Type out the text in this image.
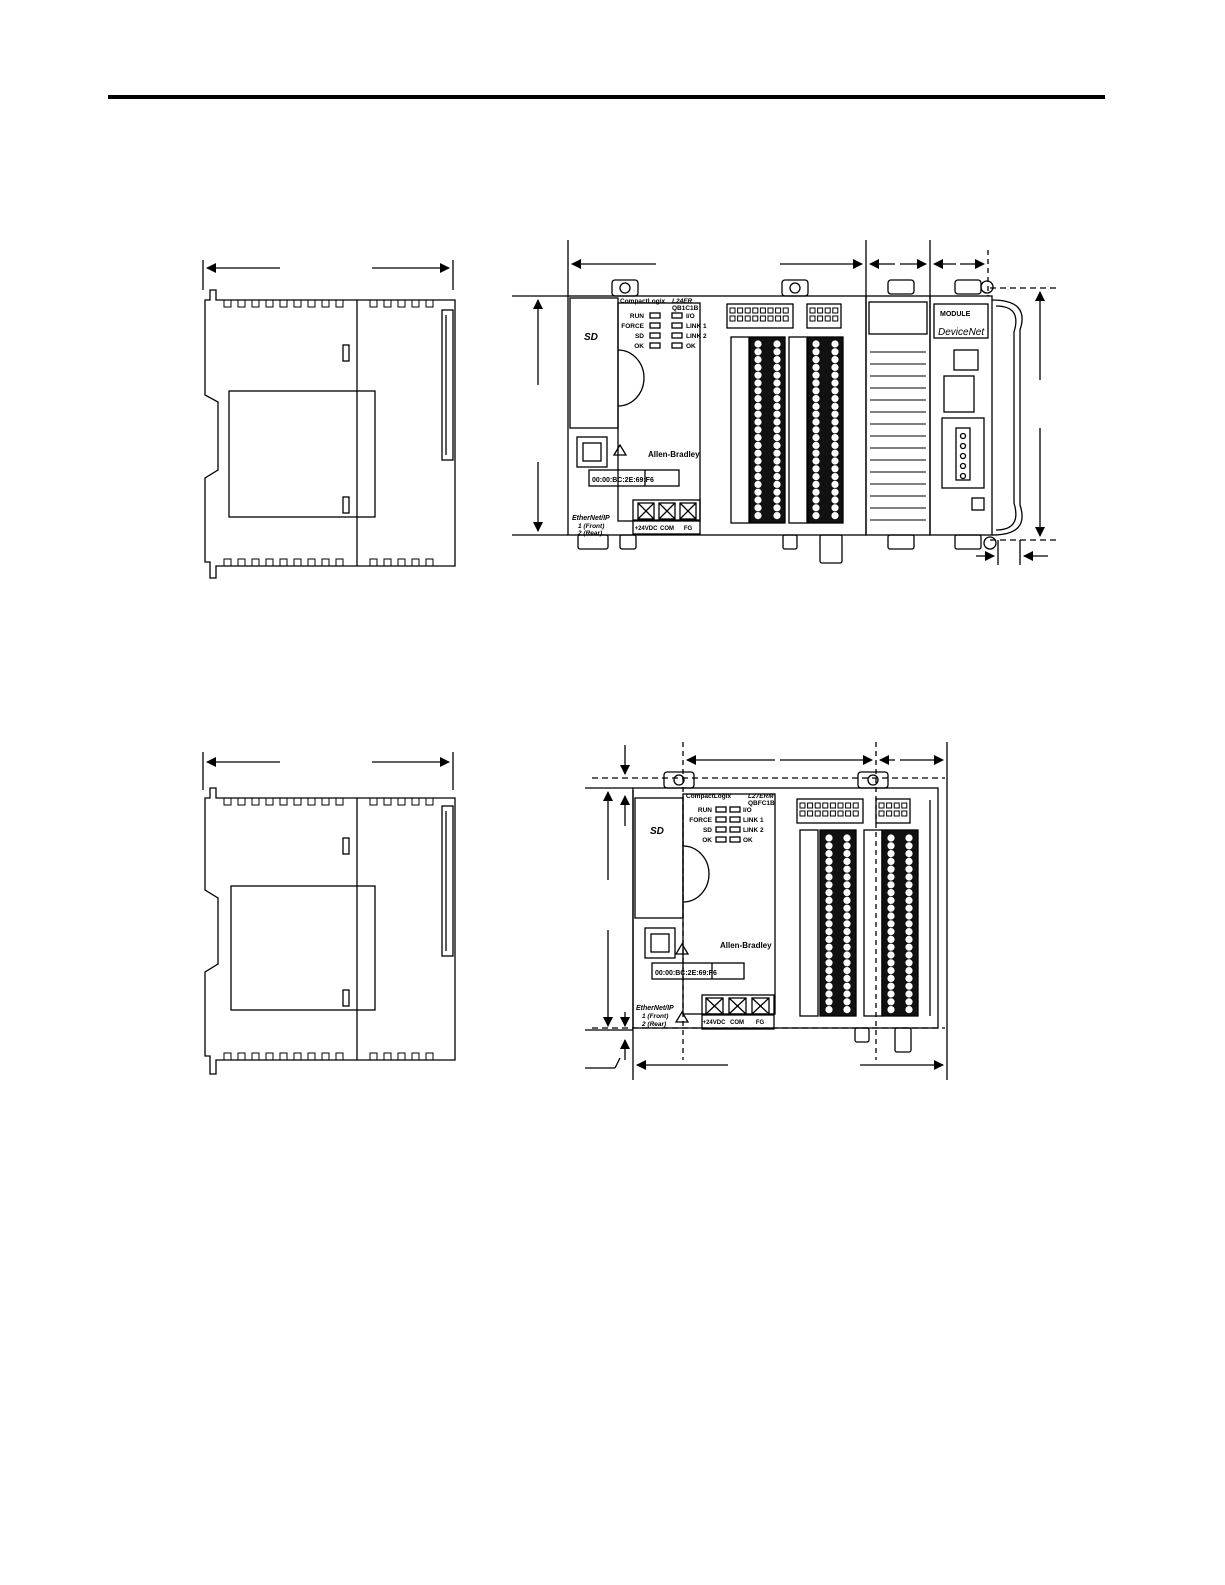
CompactLogix L24ER
QB1C1B
RUN
FORCE
SD
OK
I/O
LINK 1
LINK 2
OK
SD
Allen-Bradley
00:00:BC:2E:69:F6
EtherNet/IP
1 (Front)
2 (Rear)
+24VDC COM FG
MODULE
DeviceNet
CompactLogix	L27ERM
QBFC1B
RUN
FORCE
SD
OK
I/O
LINK 1
LINK 2
OK
SD
Allen-Bradley
00:00:BC:2E:69:F6
EtherNet/IP
1 (Front)
2 (Rear)	+24VDC COM FG
